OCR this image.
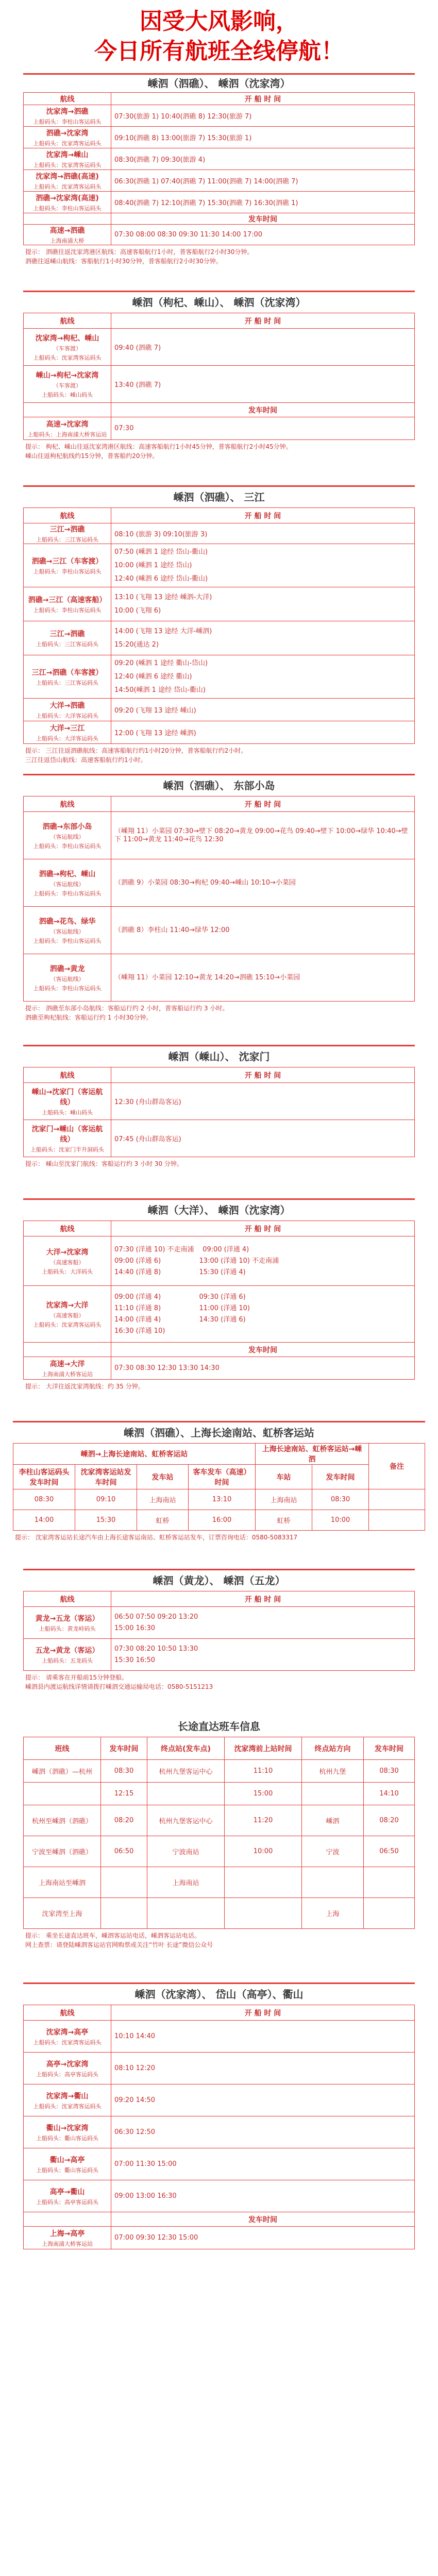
因受大风影响，
今日所有航班全线停航！
嵊泗（泗礁）、 嵊泗（沈家湾）
航线	开 船 时 间

沈家湾→泗礁
上船码头：李柱山客运码头	07:30(旅游 1) 10:40(泗礁 8) 12:30(旅游 7)

泗礁→沈家湾
上船码头：沈家湾客运码头	09:10(泗礁 8) 13:00(旅游 7) 15:30(旅游 1)

沈家湾→嵊山
上船码头：沈家湾客运码头	08:30(泗礁 7) 09:30(旅游 4)

沈家湾→泗礁(高速)
上船码头：沈家湾客运码头	06:30(泗礁 1) 07:40(泗礁 7) 11:00(泗礁 7) 14:00(泗礁 7)

泗礁→沈家湾(高速)
上船码头：李柱山客运码头	08:40(泗礁 7) 12:10(泗礁 7) 15:30(泗礁 7) 16:30(泗礁 1)
	发车时间

高速→泗礁
上海南浦大桥	07:30 08:00 08:30 09:30 11:30 14:00 17:00
提示： 泗礁往返沈家湾港区航线：高速客船航行1小时，普客船航行2小时30分钟。
泗礁往返嵊山航线：客船航行1小时30分钟，普客船航行2小时30分钟。
嵊泗（枸杞、嵊山）、 嵊泗（沈家湾）
航线	开 船 时 间

沈家湾→枸杞、嵊山
（车客渡）
上船码头：沈家湾客运码头	09:40 (泗礁 7)

嵊山→枸杞→沈家湾
（车客渡）
上船码头：嵊山码头	13:40 (泗礁 7)
	发车时间

高速→沈家湾
上船码头：上海南浦大桥客运站	07:30
提示： 枸杞、嵊山往返沈家湾港区航线：高速客船航行1小时45分钟，普客船航行2小时45分钟。
嵊山往返枸杞航线约15分钟，普客船约20分钟。
嵊泗（泗礁）、 三江
航线	开 船 时 间

三江→泗礁
上船码头：三江客运码头	08:10 (旅游 3) 09:10(旅游 3)

泗礁→三江（车客渡）
上船码头：李柱山客运码头	07:50 (嵊泗 1 途经 岱山-衢山)
10:00 (嵊泗 1 途经 岱山)
12:40 (嵊泗 6 途经 岱山-衢山)

泗礁→三江（高速客船）
上船码头：李柱山客运码头	13:10 (飞翔 13 途经 嵊泗-大洋)
10:00 (飞翔 6)

三江→泗礁
上船码头：三江客运码头	14:00 (飞翔 13 途经 大洋-嵊泗)
15:20(通达 2)

三江→泗礁（车客渡）
上船码头：三江客运码头	09:20 (嵊泗 1 途经 衢山-岱山)
12:40 (嵊泗 6 途经 衢山)
14:50(嵊泗 1 途经 岱山-衢山)

大洋→泗礁
上船码头：大洋客运码头	09:20 (飞翔 13 途经 嵊山)

大洋→三江
上船码头：大洋客运码头	12:00 (飞翔 13 途经 嵊泗)
提示： 三江往返泗礁航线：高速客船航行约1小时20分钟，普客船航行约2小时。
三江往返岱山航线：高速客船航行约1小时。
嵊泗（泗礁）、 东部小岛
航线	开 船 时 间

泗礁→东部小岛
（客运航线）
上船码头：李柱山客运码头	（嵊翔 11）小菜园 07:30→壁下 08:20→黄龙 09:00→花鸟 09:40→壁下 10:00→绿华 10:40→壁下 11:00→黄龙 11:40→花鸟 12:30

泗礁→枸杞、嵊山
（客运航线）
上船码头：李柱山客运码头	（泗礁 9）小菜园 08:30→枸杞 09:40→嵊山 10:10→小菜园

泗礁→花鸟、绿华
（客运航线）
上船码头：李柱山客运码头	（泗礁 8）李柱山 11:40→绿华 12:00

泗礁→黄龙
（客运航线）
上船码头：李柱山客运码头	（嵊翔 11）小菜园 12:10→黄龙 14:20→泗礁 15:10→小菜园
提示： 泗礁至东部小岛航线：客船运行约 2 小时，普客船运行约 3 小时。
泗礁至枸杞航线：客船运行约 1 小时30分钟。
嵊泗（嵊山）、 沈家门
航线	开 船 时 间

嵊山→沈家门（客运航线）
上船码头：嵊山码头	12:30 (舟山群岛客运)

沈家门→嵊山（客运航线）
上船码头：沈家门半升洞码头	07:45 (舟山群岛客运)
提示： 嵊山至沈家门航线：客船运行约 3 小时 30 分钟。
嵊泗（大洋）、 嵊泗（沈家湾）
航线	开 船 时 间

大洋→沈家湾
（高速客船）
上船码头：大洋码头	07:30 (洋通 10) 不走南浦    09:00 (洋通 4)
09:00 (洋通 6)                  13:00 (洋通 10) 不走南浦
14:40 (洋通 8)                  15:30 (洋通 4)

沈家湾→大洋
（高速客船）
上船码头：沈家湾客运码头	09:00 (洋通 4)                  09:30 (洋通 6)
11:10 (洋通 8)                  11:00 (洋通 10)
14:00 (洋通 4)                  14:30 (洋通 6)
16:30 (洋通 10)
	发车时间

高速→大洋
上海南浦大桥客运站	07:30 08:30 12:30 13:30 14:30
提示： 大洋往返沈家湾航线：约 35 分钟。
嵊泗（泗礁）、上海长途南站、虹桥客运站
嵊泗→上海长途南站、虹桥客运站				上海长途南站、虹桥客运站→嵊泗		备注
李柱山客运码头发车时间	沈家湾客运站发车时间	发车站	客车发车（高速）时间	车站	发车时间	
08:30	09:10	上海南站	13:10	上海南站	08:30	
14:00	15:30	虹桥	16:00	虹桥	10:00	
提示： 沈家湾客运站长途汽车由上海长途客运南站、虹桥客运站发车，订票咨询电话：0580-5083317
嵊泗（黄龙）、 嵊泗（五龙）
航线	开 船 时 间

黄龙→五龙（客运）
上船码头：黄龙峙码头	06:50 07:50 09:20 13:20
15:00 16:30

五龙→黄龙（客运）
上船码头：五龙码头	07:30 08:20 10:50 13:30
15:30 16:50
提示： 请乘客在开船前15分钟登船。
嵊泗县内渡运航线详情请拨打嵊泗交通运输局电话：0580-5151213
长途直达班车信息
班线	发车时间	终点站(发车点)	沈家湾前上站时间	终点站方向	发车时间
嵊泗（泗礁）—杭州	08:30	杭州九堡客运中心	11:10	杭州九堡	08:30
	12:15		15:00		14:10
杭州至嵊泗（泗礁）	08:20	杭州九堡客运中心	11:20	嵊泗	08:20
宁波至嵊泗（泗礁）	06:50	宁波南站	10:00	宁波	06:50
上海南站至嵊泗		上海南站			
沈家湾至上海				上海	
提示： 乘坐长途直达班车，嵊泗客运站电话，嵊泗客运站电话。
网上查票：请登陆嵊泗客运站官网购票或关注“竹叶 长途”微信公众号
嵊泗（沈家湾）、 岱山（高亭）、衢山
航线	开 船 时 间

沈家湾→高亭
上船码头：沈家湾客运码头	10:10 14:40

高亭→沈家湾
上船码头：高亭客运码头	08:10 12:20

沈家湾→衢山
上船码头：沈家湾客运码头	09:20 14:50

衢山→沈家湾
上船码头：衢山客运码头	06:30 12:50

衢山→高亭
上船码头：衢山客运码头	07:00 11:30 15:00

高亭→衢山
上船码头：高亭客运码头	09:00 13:00 16:30
	发车时间

上海→高亭
上海南浦大桥客运站	07:00 09:30 12:30 15:00
